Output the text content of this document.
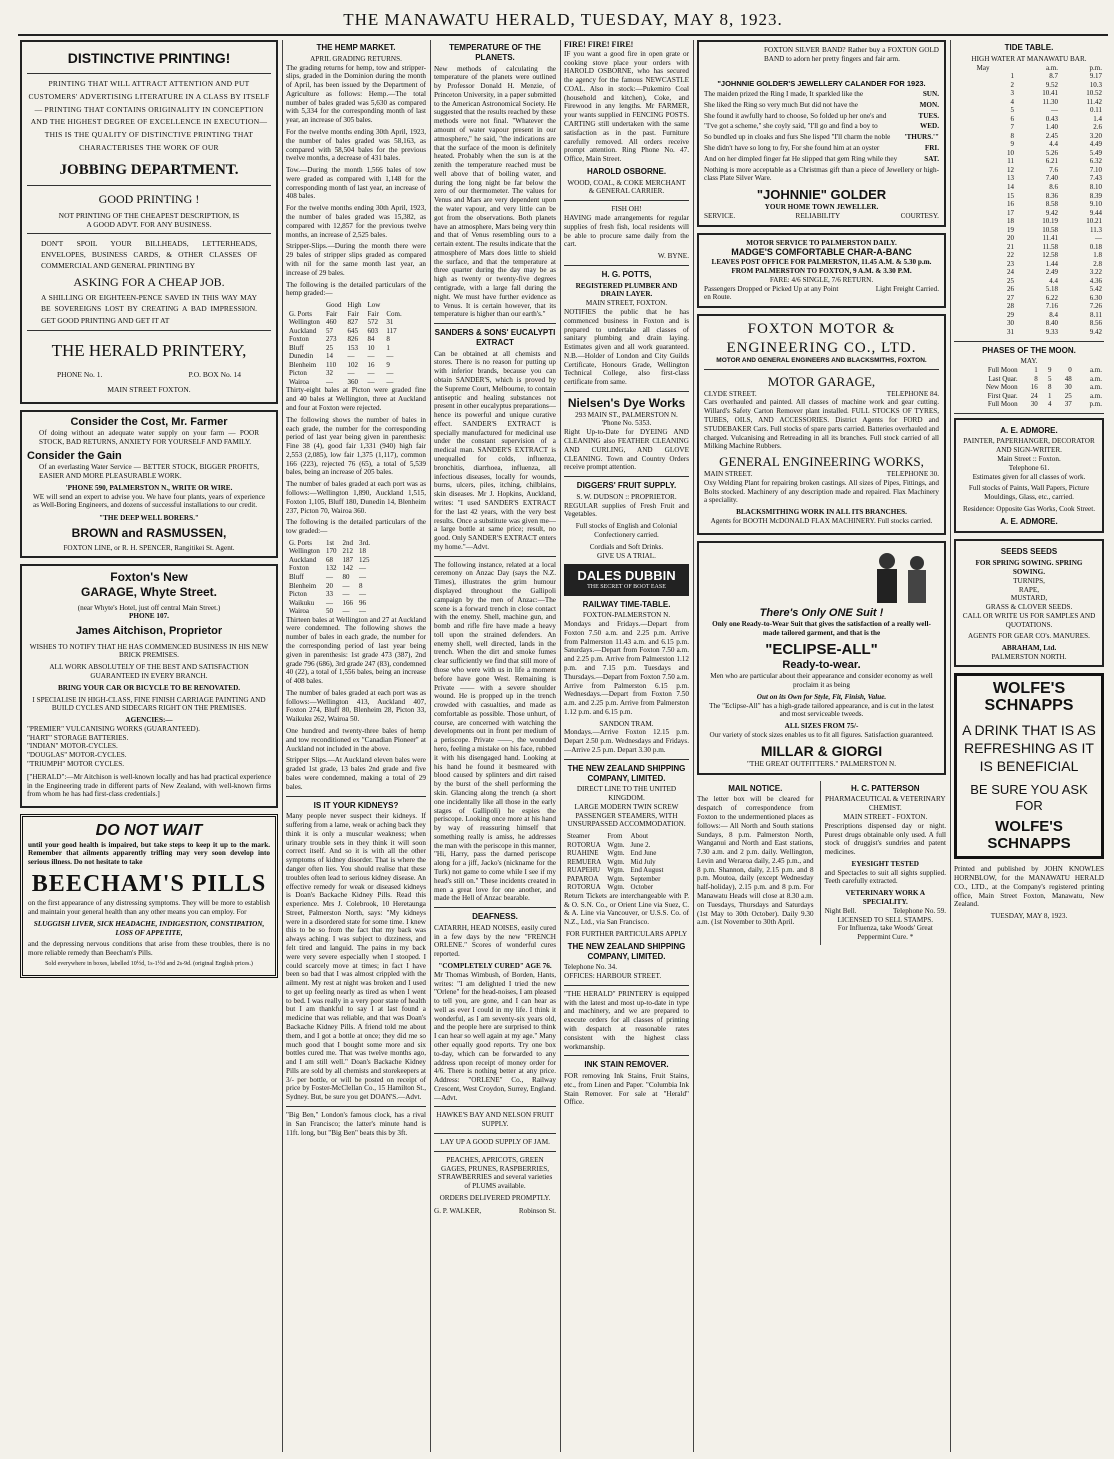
THE MANAWATU HERALD, TUESDAY, MAY 8, 1923.
DISTINCTIVE PRINTING!

PRINTING THAT WILL ATTRACT ATTENTION AND PUT CUSTOMERS' ADVERTISING LITERATURE IN A CLASS BY ITSELF— PRINTING THAT CONTAINS ORIGINALITY IN CONCEPTION AND THE HIGHEST DEGREE OF EXCELLENCE IN EXECUTION— THIS IS THE QUALITY OF DISTINCTIVE PRINTING THAT CHARACTERISES THE WORK OF OUR

JOBBING DEPARTMENT.
GOOD PRINTING !

NOT PRINTING OF THE CHEAPEST DESCRIPTION, IS A GOOD ADVT. FOR ANY BUSINESS.

DON'T SPOIL YOUR BILLHEADS, LETTERHEADS, ENVELOPES, BUSINESS CARDS, & OTHER CLASSES OF COMMERCIAL AND GENERAL PRINTING BY

ASKING FOR A CHEAP JOB.

A SHILLING OR EIGHTEEN-PENCE SAVED IN THIS WAY MAY BE SOVEREIGNS LOST BY CREATING A BAD IMPRESSION. GET GOOD PRINTING AND GET IT AT

THE HERALD PRINTERY,
PHONE No. 1.	P.O. BOX No. 14
MAIN STREET FOXTON.
Consider the Cost, Mr. Farmer

Of doing without an adequate water supply on your farm — POOR STOCK, BAD RETURNS, ANXIETY FOR YOURSELF AND FAMILY.

Consider the Gain

Of an everlasting Water Service — BETTER STOCK, BIGGER PROFITS, EASIER AND MORE PLEASURABLE WORK.

'PHONE 590, PALMERSTON N., WRITE OR WIRE.

WE will send an expert to advise you. We have four plants, years of experience as Well-Boring Engineers, and dozens of successful installations to our credit.

"THE DEEP WELL BORERS."
BROWN and RASMUSSEN,
FOXTON LINE, or R. H. SPENCER, Rangitikei St. Agent.
Foxton's New
GARAGE, Whyte Street.
(near Whyte's Hotel, just off central Main Street.)
PHONE 107.
James Aitchison, Proprietor

WISHES TO NOTIFY THAT HE HAS COMMENCED BUSINESS IN HIS NEW BRICK PREMISES.

ALL WORK ABSOLUTELY OF THE BEST AND SATISFACTION GUARANTEED IN EVERY BRANCH.

BRING YOUR CAR OR BICYCLE TO BE RENOVATED.

I SPECIALISE IN HIGH-CLASS, FINE FINISH CARRIAGE PAINTING AND BUILD CYCLES AND SIDECARS RIGHT ON THE PREMISES.

AGENCIES:—
"PREMIER" VULCANISING WORKS (GUARANTEED).
"HART" STORAGE BATTERIES.
"INDIAN" MOTOR-CYCLES.
"DOUGLAS" MOTOR-CYCLES.
"TRIUMPH" MOTOR CYCLES.

["HERALD":—Mr Aitchison is well-known locally and has had practical experience in the Engineering trade in different parts of New Zealand, with well-known firms from whom he has had first-class credentials.]

DO NOT WAIT

until your good health is impaired, but take steps to keep it up to the mark. Remember that ailments apparently trifling may very soon develop into serious illness. Do not hesitate to take

BEECHAM'S PILLS

on the first appearance of any distressing symptoms. They will be more to establish and maintain your general health than any other means you can employ. For

SLUGGISH LIVER, SICK HEADACHE, INDIGESTION, CONSTIPATION, LOSS OF APPETITE,

and the depressing nervous conditions that arise from these troubles, there is no more reliable remedy than Beecham's Pills.

Sold everywhere in boxes, labelled 10½d, 1s-1½d and 2s-9d. (original English prices.)

THE HEMP MARKET.
APRIL GRADING RETURNS.

The grading returns for hemp, tow and stripper-slips, graded in the Dominion during the month of April, has been issued by the Department of Agriculture as follows: Hemp.—The total number of bales graded was 5,630 as compared with 5,334 for the corresponding month of last year, an increase of 305 bales.

For the twelve months ending 30th April, 1923, the number of bales graded was 58,163, as compared with 58,504 bales for the previous twelve months, a decrease of 431 bales.

Tow.—During the month 1,566 bales of tow were graded as compared with 1,148 for the corresponding month of last year, an increase of 408 bales.

For the twelve months ending 30th April, 1923, the number of bales graded was 15,382, as compared with 12,857 for the previous twelve months, an increase of 2,525 bales.

Stripper-Slips.—During the month there were 29 bales of stripper slips graded as compared with nil for the same month last year, an increase of 29 bales.

The following is the detailed particulars of the hemp graded:—

	Good	High	Low	
G. Ports	Fair	Fair	Fair	Com.
Wellington	460	827	572	31
Auckland	57	645	603	117
Foxton	273	826	84	8
Bluff	25	153	10	1
Dunedin	14	—	—	—
Blenheim	110	102	16	9
Picton	32	—	—	—
Wairoa	—	360	—	—

Thirty-eight bales at Picton were graded fine and 40 bales at Wellington, three at Auckland and four at Foxton were rejected.

The following shows the number of bales in each grade, the number for the corresponding period of last year being given in parenthesis: Fine 38 (4), good fair 1,331 (940) high fair 2,553 (2,085), low fair 1,375 (1,117), common 166 (223), rejected 76 (65), a total of 5,539 bales, being an increase of 205 bales.

The number of bales graded at each port was as follows:—Wellington 1,890, Auckland 1,515, Foxton 1,105, Bluff 180, Dunedin 14, Blenheim 237, Picton 70, Wairoa 360.

The following is the detailed particulars of the tow graded:—

G. Ports	1st	2nd	3rd.
Wellington	170	212	18
Auckland	68	187	125
Foxton	132	142	—
Bluff	—	80	—
Blenheim	20	—	8
Picton	33	—	—
Waikuku	—	166	96
Wairoa	50	—	—

Thirteen bales at Wellington and 27 at Auckland were condemned. The following shows the number of bales in each grade, the number for the corresponding period of last year being given in parenthesis: 1st grade 473 (387), 2nd grade 796 (686), 3rd grade 247 (83), condemned 40 (22), a total of 1,556 bales, being an increase of 408 bales.

The number of bales graded at each port was as follows:—Wellington 413, Auckland 407, Foxton 274, Bluff 80, Blenheim 28, Picton 33, Waikuku 262, Wairoa 50.

One hundred and twenty-three bales of hemp and tow reconditioned ex "Canadian Pioneer" at Auckland not included in the above.

Stripper Slips.—At Auckland eleven bales were graded 1st grade, 13 bales 2nd grade and five bales were condemned, making a total of 29 bales.

IS IT YOUR KIDNEYS?

Many people never suspect their kidneys. If suffering from a lame, weak or aching back they think it is only a muscular weakness; when urinary trouble sets in they think it will soon correct itself. And so it is with all the other symptoms of kidney disorder. That is where the danger often lies. You should realise that these troubles often lead to serious kidney disease. An effective remedy for weak or diseased kidneys is Doan's Backache Kidney Pills. Read this experience. Mrs J. Colebrook, 10 Heretaunga Street, Palmerston North, says: "My kidneys were in a disordered state for some time. I knew this to be so from the fact that my back was always aching. I was subject to dizziness, and felt tired and languid. The pains in my back were very severe especially when I stooped. I could scarcely move at times; in fact I have been so bad that I was almost crippled with the ailment. My rest at night was broken and I used to get up feeling nearly as tired as when I went to bed. I was really in a very poor state of health but I am thankful to say I at last found a medicine that was reliable, and that was Doan's Backache Kidney Pills. A friend told me about them, and I got a bottle at once; they did me so much good that I bought some more and six bottles cured me. That was twelve months ago, and I am still well." Doan's Backache Kidney Pills are sold by all chemists and storekeepers at 3/- per bottle, or will be posted on receipt of price by Foster-McClellan Co., 15 Hamilton St., Sydney. But, be sure you get DOAN'S.—Advt.

"Big Ben," London's famous clock, has a rival in San Francisco; the latter's minute hand is 11ft. long, but "Big Ben" beats this by 3ft.

TEMPERATURE OF THE PLANETS.

New methods of calculating the temperature of the planets were outlined by Professor Donald H. Menzie, of Princeton University, in a paper submitted to the American Astronomical Society. He suggested that the results reached by these methods were not final. "Whatever the amount of water vapour present in our atmosphere," he said, "the indications are that the surface of the moon is definitely heated. Probably when the sun is at the zenith the temperature reached must be well above that of boiling water, and during the long night be far below the zero of our thermometer. The values for Venus and Mars are very dependent upon the water vapour, and very little can be got from the observations. Both planets have an atmosphere, Mars being very thin and that of Venus resembling ours to a certain extent. The results indicate that the atmosphere of Mars does little to shield the surface, and that the temperature at three quarter during the day may be as high as twenty or twenty-five degrees centigrade, with a large fall during the night. We must have further evidence as to Venus. It is certain however, that its temperature is higher than our earth's."

SANDERS & SONS' EUCALYPTI EXTRACT

Can be obtained at all chemists and stores. There is no reason for putting up with inferior brands, because you can obtain SANDER'S, which is proved by the Supreme Court, Melbourne, to contain antiseptic and healing substances not present in other eucalyptus preparations—hence its powerful and unique curative effect. SANDER'S EXTRACT is specially manufactured for medicinal use under the constant supervision of a medical man. SANDER'S EXTRACT is unequalled for colds, influenza, bronchitis, diarrhoea, influenza, all infectious diseases, locally for wounds, burns, ulcers, piles, itching, chilblains, skin diseases. Mr J. Hopkins, Auckland, writes: "I used SANDER'S EXTRACT for the last 42 years, with the very best results. Once a substitute was given me—a large bottle at same price; result, no good. Only SANDER'S EXTRACT enters my home."—Advt.

The following instance, related at a local ceremony on Anzac Day (says the N.Z. Times), illustrates the grim humour displayed throughout the Gallipoli campaign by the men of Anzac:—The scene is a forward trench in close contact with the enemy. Shell, machine gun, and bomb and rifle fire have made a heavy toll upon the strained defenders. An enemy shell, well directed, lands in the trench. When the dirt and smoke fumes clear sufficiently we find that still more of those who were with us in life a moment before have gone West. Remaining is Private —— with a severe shoulder wound. He is propped up in the trench crowded with casualties, and made as comfortable as possible. Those unhurt, of course, are concerned with watching the developments out in front per medium of a periscope. Private ——, the wounded hero, feeling a mistake on his face, rubbed it with his disengaged hand. Looking at his hand he found it besmeared with blood caused by splinters and dirt raised by the burst of the shell performing the skin. Glancing along the trench (a short one incidentally like all those in the early stages of Gallipoli) he espies the periscope. Looking once more at his hand by way of reassuring himself that something really is amiss, he addresses the man with the periscope in this manner, "Hi, Harry, pass the darned periscope along for a jiff, Jacko's (nickname for the Turk) not game to come while I see if my head's still on." These incidents created in men a great love for one another, and made the Hell of Anzac bearable.

DEAFNESS.

CATARRH, HEAD NOISES, easily cured in a few days by the new "FRENCH ORLENE." Scores of wonderful cures reported.

"COMPLETELY CURED" AGE 76.

Mr Thomas Wimbush, of Borden, Hants, writes: "I am delighted I tried the new "Orlene" for the head-noises, I am pleased to tell you, are gone, and I can hear as well as ever I could in my life. I think it wonderful, as I am seventy-six years old, and the people here are surprised to think I can hear so well again at my age." Many other equally good reports. Try one box to-day, which can be forwarded to any address upon receipt of money order for 4/6. There is nothing better at any price. Address: "ORLENE" Co., Railway Crescent, West Croydon, Surrey, England.—Advt.

HAWKE'S BAY AND NELSON FRUIT SUPPLY.
LAY UP A GOOD SUPPLY OF JAM.

PEACHES, APRICOTS, GREEN GAGES, PRUNES, RASPBERRIES, STRAWBERRIES and several varieties of PLUMS available.

ORDERS DELIVERED PROMPTLY.
G. P. WALKER,	Robinson St.
FIRE! FIRE! FIRE!

IF you want a good fire in open grate or cooking stove place your orders with HAROLD OSBORNE, who has secured the agency for the famous NEWCASTLE COAL. Also in stock:—Pukemiro Coal (household and kitchen), Coke, and Firewood in any lengths. Mr FARMER, your wants supplied in FENCING POSTS. CARTING still undertaken with the same satisfaction as in the past. Furniture carefully removed. All orders receive prompt attention. Ring Phone No. 47. Office, Main Street.

HAROLD OSBORNE.

WOOD, COAL, & COKE MERCHANT & GENERAL CARRIER.

FISH OH!

HAVING made arrangements for regular supplies of fresh fish, local residents will be able to procure same daily from the cart.

W. BYNE.
H. G. POTTS,
REGISTERED PLUMBER AND DRAIN LAYER.
MAIN STREET, FOXTON.

NOTIFIES the public that he has commenced business in Foxton and is prepared to undertake all classes of sanitary plumbing and drain laying. Estimates given and all work guaranteed. N.B.—Holder of London and City Guilds Certificate, Honours Grade, Wellington Technical College, also first-class certificate from same.

Nielsen's Dye Works
293 MAIN ST., PALMERSTON N.
'Phone No. 5353.

Right Up-to-Date for DYEING AND CLEANING also FEATHER CLEANING AND CURLING, AND GLOVE CLEANING. Town and Country Orders receive prompt attention.

DIGGERS' FRUIT SUPPLY.
S. W. DUDSON :: PROPRIETOR.

REGULAR supplies of Fresh Fruit and Vegetables.

Full stocks of English and Colonial Confectionery carried.

Cordials and Soft Drinks.
GIVE US A TRIAL.
DALES DUBBIN
THE SECRET OF BOOT EASE
RAILWAY TIME-TABLE.
FOXTON-PALMERSTON N.

Mondays and Fridays.—Depart from Foxton 7.50 a.m. and 2.25 p.m. Arrive from Palmerston 11.43 a.m. and 6.15 p.m. Saturdays.—Depart from Foxton 7.50 a.m. and 2.25 p.m. Arrive from Palmerston 1.12 p.m. and 7.15 p.m. Tuesdays and Thursdays.—Depart from Foxton 7.50 a.m. Arrive from Palmerston 6.15 p.m. Wednesdays.—Depart from Foxton 7.50 a.m. and 2.25 p.m. Arrive from Palmerston 1.12 p.m. and 6.15 p.m.

SANDON TRAM.

Mondays.—Arrive Foxton 12.15 p.m. Depart 2.50 p.m. Wednesdays and Fridays.—Arrive 2.5 p.m. Depart 3.30 p.m.

THE NEW ZEALAND SHIPPING COMPANY, LIMITED.
DIRECT LINE TO THE UNITED KINGDOM.

LARGE MODERN TWIN SCREW PASSENGER STEAMERS, WITH UNSURPASSED ACCOMMODATION.

Steamer	From	About
ROTORUA	Wgtn.	June 2.
RUAHINE	Wgtn.	End June
REMUERA	Wgtn.	Mid July
RUAPEHU	Wgtn.	End August
PAPAROA	Wgtn.	September
ROTORUA	Wgtn.	October

Return Tickets are interchangeable with P. & O. S.N. Co., or Orient Line via Suez, C. & A. Line via Vancouver, or U.S.S. Co. of N.Z., Ltd., via San Francisco.

FOR FURTHER PARTICULARS APPLY
THE NEW ZEALAND SHIPPING COMPANY, LIMITED.
Telephone No. 34.
OFFICES: HARBOUR STREET.

"THE HERALD" PRINTERY is equipped with the latest and most up-to-date in type and machinery, and we are prepared to execute orders for all classes of printing with despatch at reasonable rates consistent with the highest class workmanship.

INK STAIN REMOVER.

FOR removing Ink Stains, Fruit Stains, etc., from Linen and Paper. "Columbia Ink Stain Remover. For sale at "Herald" Office.

FOXTON SILVER BAND? Rather buy a FOXTON GOLD BAND to adorn her pretty fingers and fair arm.

"JOHNNIE GOLDER'S JEWELLERY CALANDER FOR 1923.
The maiden prized the Ring I made, It sparkled like the	SUN.
She liked the Ring so very much But did not have the	MON.
She found it awfully hard to choose, So folded up her one's and	TUES.
"I've got a scheme," she coyly said, "I'll go and find a boy to	WED.
So bundled up in cloaks and furs She lisped "I'll charm the noble 'THURS.'"
She didn't have so long to fry, For she found him at an oyster	FRI.
And on her dimpled finger fat He slipped that gem Ring while they	SAT.

Nothing is more acceptable as a Christmas gift than a piece of Jewellery or high-class Plate Silver Ware.

"JOHNNIE" GOLDER
YOUR HOME TOWN JEWELLER.
SERVICE.	RELIABILITY	COURTESY.
MOTOR SERVICE TO PALMERSTON DAILY.
MADGE'S COMFORTABLE CHAR-A-BANC
LEAVES POST OFFICE FOR PALMERSTON, 11.45 A.M. & 5.30 p.m.
FROM PALMERSTON TO FOXTON, 9 A.M. & 3.30 P.M.
FARE: 4/6 SINGLE, 7/6 RETURN.
Passengers Dropped or Picked Up at any Point en Route.
Light Freight Carried.
FOXTON MOTOR & ENGINEERING CO., LTD.
MOTOR AND GENERAL ENGINEERS AND BLACKSMITHS, FOXTON.
MOTOR GARAGE,
CLYDE STREET.	TELEPHONE 84.

Cars overhauled and painted. All classes of machine work and gear cutting. Willard's Safety Carton Remover plant installed. FULL STOCKS OF TYRES, TUBES, OILS, AND ACCESSORIES. District Agents for FORD and STUDEBAKER Cars. Full stocks of spare parts carried. Batteries overhauled and charged. Vulcanising and Retreading in all its branches. Full stock carried of all Milking Machine Rubbers.

GENERAL ENGINEERING WORKS,
MAIN STREET.	TELEPHONE 30.

Oxy Welding Plant for repairing broken castings. All sizes of Pipes, Fittings, and Bolts stocked. Machinery of any description made and repaired. Flax Machinery a speciality.

BLACKSMITHING WORK IN ALL ITS BRANCHES.

Agents for BOOTH McDONALD FLAX MACHINERY. Full stocks carried.

There's Only ONE Suit !

Only one Ready-to-Wear Suit that gives the satisfaction of a really well-made tailored garment, and that is the

"ECLIPSE-ALL"
Ready-to-wear.

Men who are particular about their appearance and consider economy as well proclaim it as being

Out on its Own for Style, Fit, Finish, Value.

The "Eclipse-All" has a high-grade tailored appearance, and is cut in the latest and most serviceable tweeds.

ALL SIZES FROM 75/-

Our variety of stock sizes enables us to fit all figures. Satisfaction guaranteed.

MILLAR & GIORGI
"THE GREAT OUTFITTERS." PALMERSTON N.
MAIL NOTICE.

The letter box will be cleared for despatch of correspondence from Foxton to the undermentioned places as follows:— All North and South stations Sundays, 8 p.m. Palmerston North, Wanganui and North and East stations, 7.30 a.m. and 2 p.m. daily. Wellington, Levin and Weraroa daily, 2.45 p.m., and 8 p.m. Shannon, daily, 2.15 p.m. and 8 p.m. Moutoa, daily (except Wednesday half-holiday), 2.15 p.m. and 8 p.m. For Manawatu Heads will close at 8.30 a.m. on Tuesdays, Thursdays and Saturdays (1st May to 30th October). Daily 9.30 a.m. (1st November to 30th April.

H. C. PATTERSON
PHARMACEUTICAL & VETERINARY CHEMIST.
MAIN STREET - FOXTON.

Prescriptions dispensed day or night. Purest drugs obtainable only used. A full stock of druggist's sundries and patent medicines.

EYESIGHT TESTED

and Spectacles to suit all sights supplied. Teeth carefully extracted.

VETERINARY WORK A SPECIALITY.
Night Bell.	Telephone No. 59.
LICENSED TO SELL STAMPS.

For Influenza, take Woods' Great Peppermint Cure. *

TIDE TABLE.
HIGH WATER AT MANAWATU BAR.
May		a.m.	p.m.
	1	8.7	9.17
	2	9.52	10.3
	3	10.41	10.52
	4	11.30	11.42
	5	—	0.11
	6	0.43	1.4
	7	1.40	2.6
	8	2.45	3.20
	9	4.4	4.49
	10	5.26	5.49
	11	6.21	6.32
	12	7.6	7.10
	13	7.40	7.43
	14	8.6	8.10
	15	8.36	8.39
	16	8.58	9.10
	17	9.42	9.44
	18	10.19	10.21
	19	10.58	11.3
	20	11.41	—
	21	11.58	0.18
	22	12.58	1.8
	23	1.44	2.8
	24	2.49	3.22
	25	4.4	4.36
	26	5.18	5.42
	27	6.22	6.30
	28	7.16	7.26
	29	8.4	8.11
	30	8.40	8.56
	31	9.33	9.42
PHASES OF THE MOON.
MAY.
Full Moon	1	9	0	a.m.
Last Quar.	8	5	48	a.m.
New Moon	16	8	30	a.m.
First Quar.	24	1	25	a.m.
Full Moon	30	4	37	p.m.
A. E. ADMORE.
PAINTER, PAPERHANGER, DECORATOR AND SIGN-WRITER.
Main Street :: Foxton.
Telephone 61.

Estimates given for all classes of work.

Full stocks of Paints, Wall Papers, Picture Mouldings, Glass, etc., carried.

Residence: Opposite Gas Works, Cook Street.

A. E. ADMORE.
SEEDS SEEDS
FOR SPRING SOWING. SPRING SOWING.
TURNIPS,
RAPE,
MUSTARD,
GRASS & CLOVER SEEDS.

CALL OR WRITE US FOR SAMPLES AND QUOTATIONS.

AGENTS FOR GEAR CO's. MANURES.

ABRAHAM, Ltd.
PALMERSTON NORTH.
WOLFE'S SCHNAPPS
A DRINK THAT IS AS REFRESHING AS IT IS BENEFICIAL
BE SURE YOU ASK FOR
WOLFE'S SCHNAPPS

Printed and published by JOHN KNOWLES HORNBLOW, for the MANAWATU HERALD CO., LTD., at the Company's registered printing office, Main Street Foxton, Manawatu, New Zealand.

TUESDAY, MAY 8, 1923.
